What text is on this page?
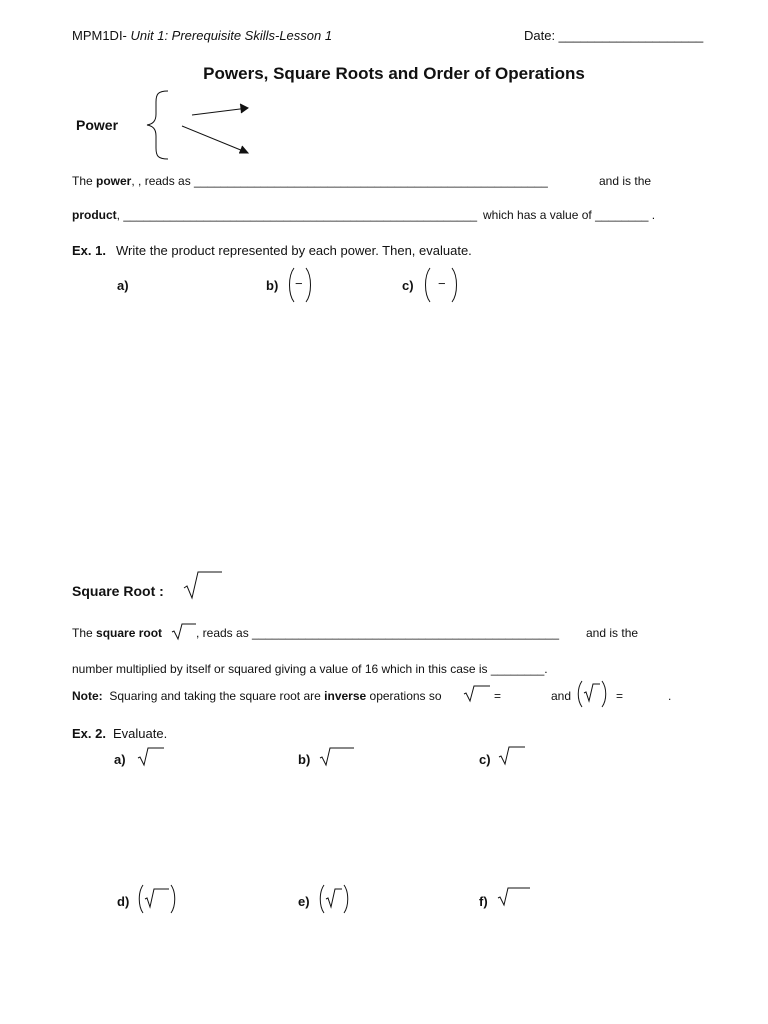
MPM1DI- Unit 1: Prerequisite Skills-Lesson 1	Date: ____________________
Powers, Square Roots and Order of Operations
Power
The power, , reads as _____________________________________________________	and is the
product, _____________________________________________________ which has a value of ________ .
Ex. 1. Write the product represented by each power. Then, evaluate.
a)	b)	c)
−	−
Square Root :
The square root	, reads as ______________________________________________ and is the
number multiplied by itself or squared giving a value of 16 which in this case is ________.
Note: Squaring and taking the square root are inverse operations so	=	and	=	.
Ex. 2. Evaluate.
a)	b)	c)
d)	e)	f)
